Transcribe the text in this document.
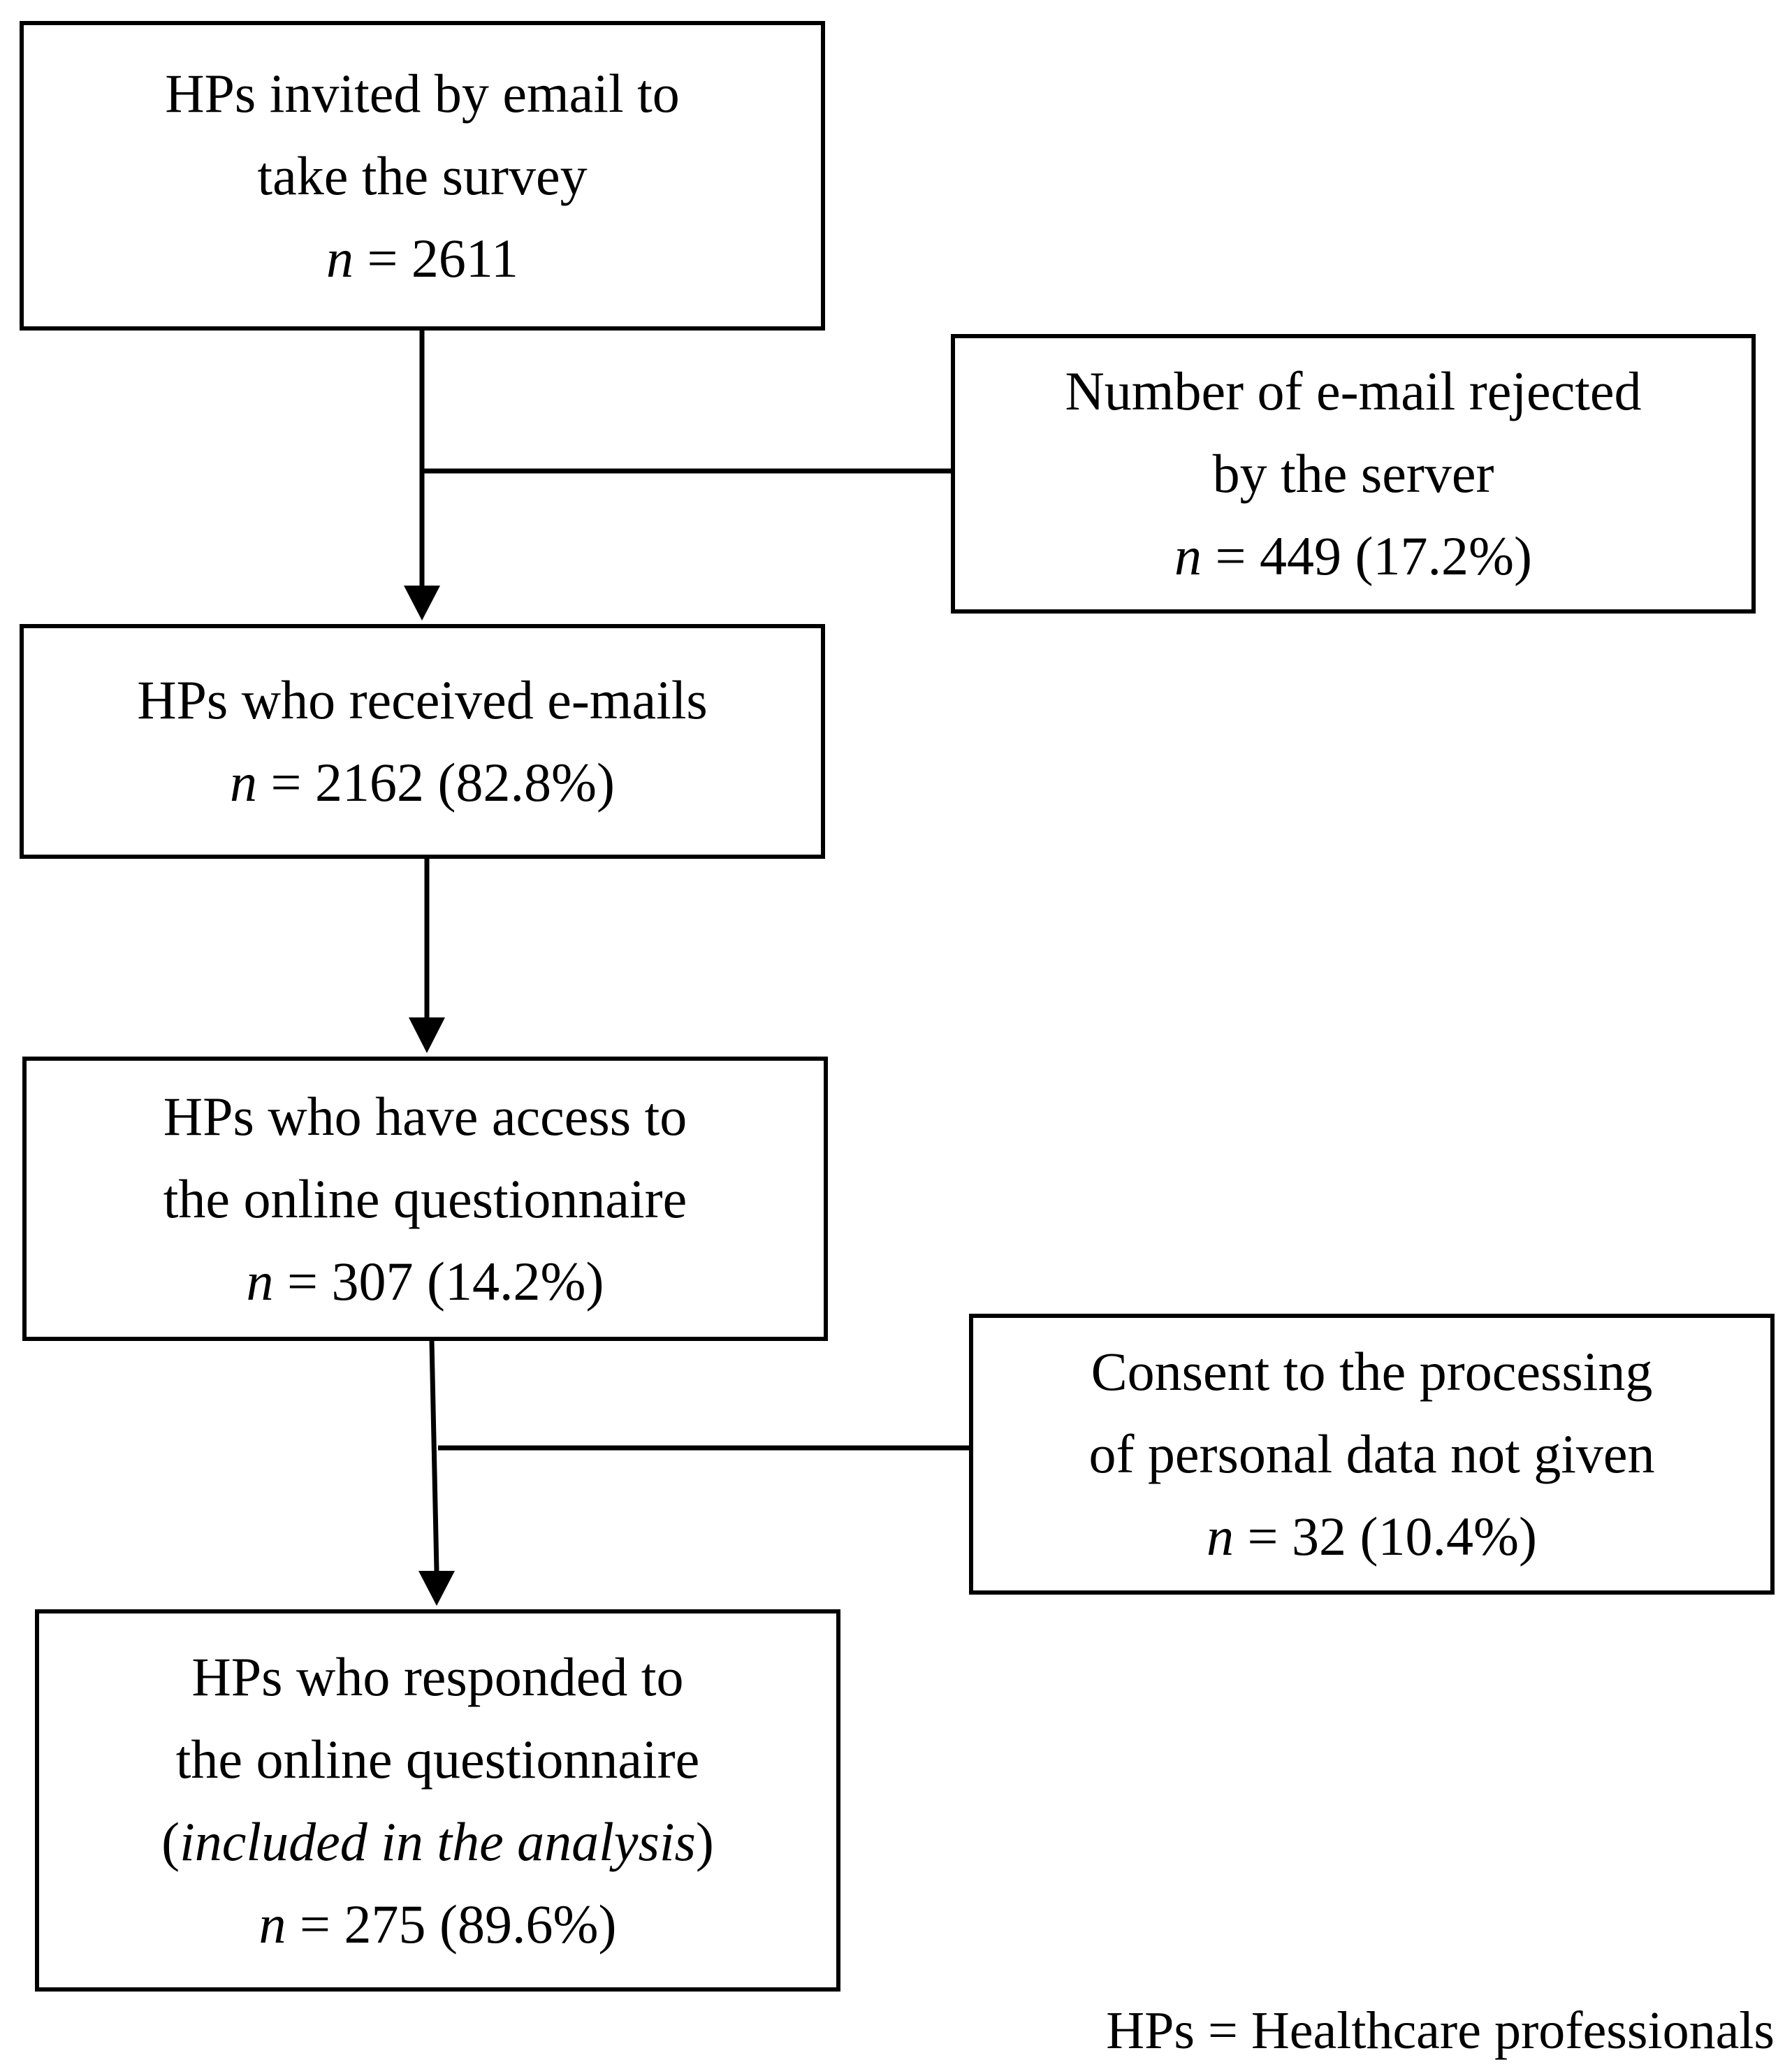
HPs invited by email to
take the survey
n = 2611
Number of e-mail rejected
by the server
n = 449 (17.2%)
HPs who received e-mails
n = 2162 (82.8%)
HPs who have access to
the online questionnaire
n = 307 (14.2%)
Consent to the processing
of personal data not given
n = 32 (10.4%)
HPs who responded to
the online questionnaire
(included in the analysis)
n = 275 (89.6%)
HPs = Healthcare professionals
